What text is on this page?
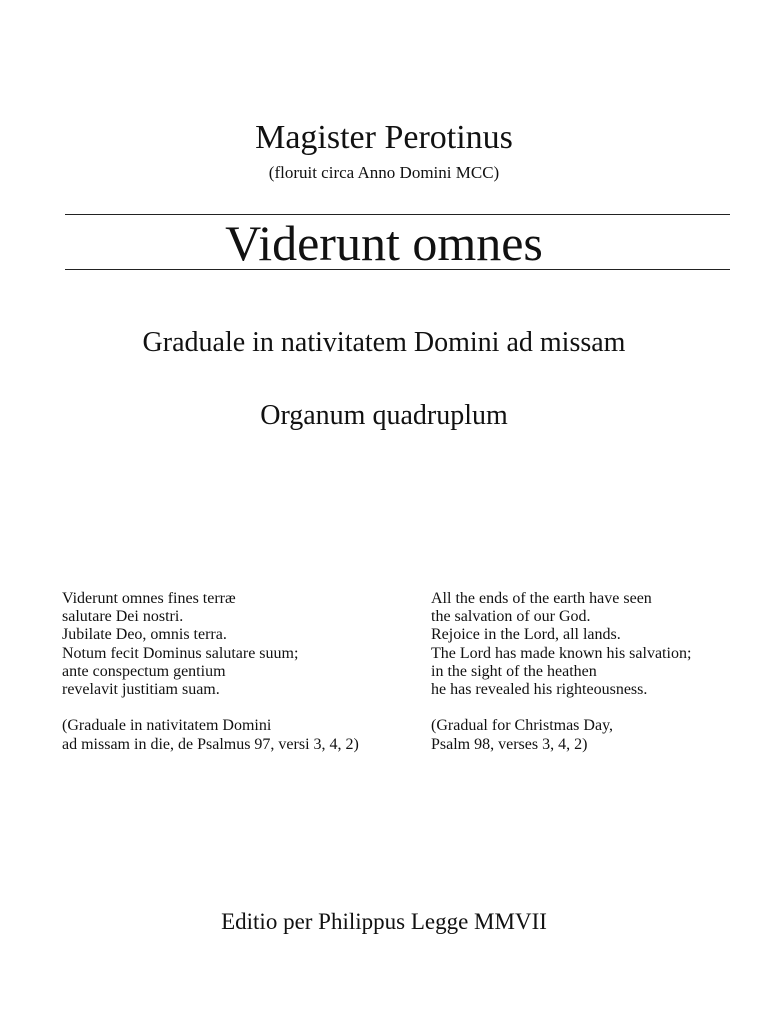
Magister Perotinus
(floruit circa Anno Domini MCC)
Viderunt omnes
Graduale in nativitatem Domini ad missam
Organum quadruplum
Viderunt omnes fines terræ
salutare Dei nostri.
Jubilate Deo, omnis terra.
Notum fecit Dominus salutare suum;
ante conspectum gentium
revelavit justitiam suam.
(Graduale in nativitatem Domini
ad missam in die, de Psalmus 97, versi 3, 4, 2)
All the ends of the earth have seen
the salvation of our God.
Rejoice in the Lord, all lands.
The Lord has made known his salvation;
in the sight of the heathen
he has revealed his righteousness.
(Gradual for Christmas Day,
Psalm 98, verses 3, 4, 2)
Editio per Philippus Legge MMVII
